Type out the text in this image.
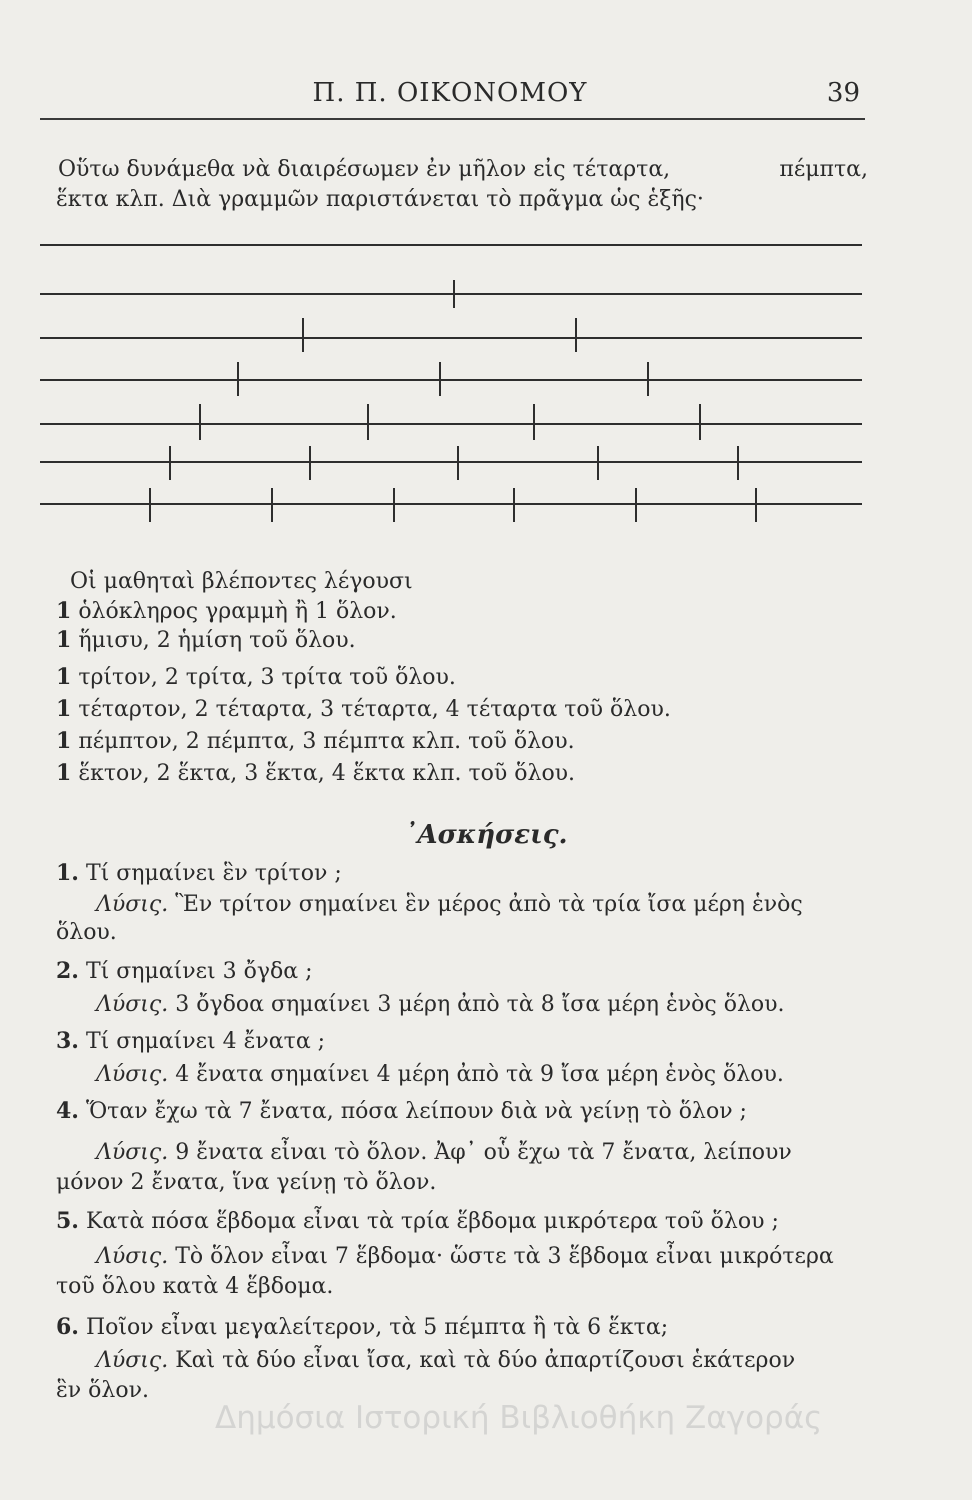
Π. Π. ΟΙΚΟΝΟΜΟΥ	39
Οὕτω δυνάμεθα νὰ διαιρέσωμεν ἐν μῆλον εἰς τέταρτα,	πέμπτα,
ἕκτα κλπ. Διὰ γραμμῶν παριστάνεται τὸ πρᾶγμα ὡς ἑξῆς·
Οἱ μαθηταὶ βλέποντες λέγουσι
1 ὁλόκληρος γραμμὴ ἢ 1 ὅλον.
1 ἥμισυ, 2 ἡμίση τοῦ ὅλου.
1 τρίτον, 2 τρίτα, 3 τρίτα τοῦ ὅλου.
1 τέταρτον, 2 τέταρτα, 3 τέταρτα, 4 τέταρτα τοῦ ὅλου.
1 πέμπτον, 2 πέμπτα, 3 πέμπτα κλπ. τοῦ ὅλου.
1 ἕκτον, 2 ἕκτα, 3 ἕκτα, 4 ἕκτα κλπ. τοῦ ὅλου.
᾿Ασκήσεις.
1. Τί σημαίνει ἓν τρίτον ;
Λύσις. Ἓν τρίτον σημαίνει ἓν μέρος ἀπὸ τὰ τρία ἴσα μέρη ἑνὸς
ὅλου.
2. Τί σημαίνει 3 ὄγδα ;
Λύσις. 3 ὄγδοα σημαίνει 3 μέρη ἀπὸ τὰ 8 ἴσα μέρη ἑνὸς ὅλου.
3. Τί σημαίνει 4 ἔνατα ;
Λύσις. 4 ἔνατα σημαίνει 4 μέρη ἀπὸ τὰ 9 ἴσα μέρη ἑνὸς ὅλου.
4. Ὅταν ἔχω τὰ 7 ἔνατα, πόσα λείπουν διὰ νὰ γείνῃ τὸ ὅλον ;
Λύσις. 9 ἔνατα εἶναι τὸ ὅλον. Ἀφ᾿ οὗ ἔχω τὰ 7 ἔνατα, λείπουν
μόνον 2 ἔνατα, ἵνα γείνῃ τὸ ὅλον.
5. Κατὰ πόσα ἕβδομα εἶναι τὰ τρία ἕβδομα μικρότερα τοῦ ὅλου ;
Λύσις. Τὸ ὅλον εἶναι 7 ἕβδομα· ὥστε τὰ 3 ἕβδομα εἶναι μικρότερα
τοῦ ὅλου κατὰ 4 ἕβδομα.
6. Ποῖον εἶναι μεγαλείτερον, τὰ 5 πέμπτα ἢ τὰ 6 ἕκτα;
Λύσις. Καὶ τὰ δύο εἶναι ἴσα, καὶ τὰ δύο ἀπαρτίζουσι ἑκάτερον
ἓν ὅλον.
Δημόσια Ιστορική Βιβλιοθήκη Ζαγοράς
